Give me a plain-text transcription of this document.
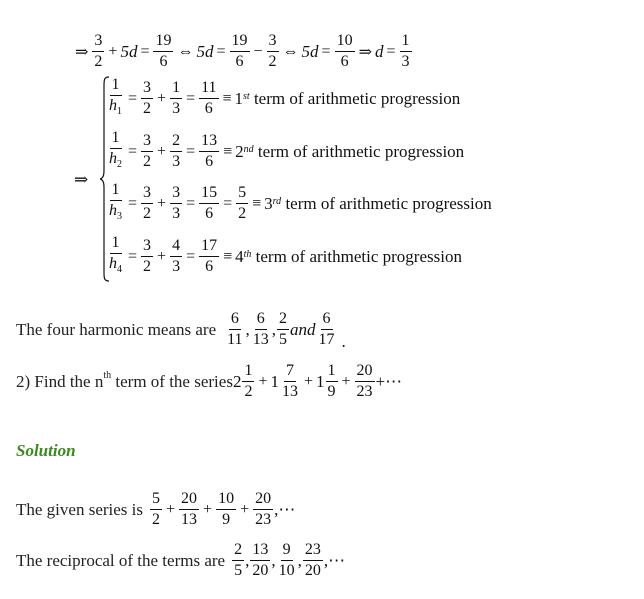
⇒ $\frac{3}{2} + 5d = \frac{19}{6}$ ⇔ $5d = \frac{19}{6} - \frac{3}{2}$ ⇔ $5d = \frac{10}{6}$ ⇒ $d = \frac{1}{3}$
⇒
$\frac{1}{h_1} = \frac{3}{2} + \frac{1}{3} = \frac{11}{6} \equiv 1st$
term of arithmetic progression
$\frac{1}{h_2} = \frac{3}{2} + \frac{2}{3} = \frac{13}{6} \equiv 2nd$
term of arithmetic progression
$\frac{1}{h_3} = \frac{3}{2} + \frac{3}{3} = \frac{15}{6} = \frac{5}{2} \equiv 3rd$
term of arithmetic progression
$\frac{1}{h_4} = \frac{3}{2} + \frac{4}{3} = \frac{17}{6} \equiv 4th$
term of arithmetic progression
The four harmonic means are $\frac{6}{11}$ , $\frac{6}{13}$ , $\frac{2}{5}$ and $\frac{6}{17}$ .
2) Find the $n^{th}$ term of the series $2 \frac{1}{2} + 1 \frac{7}{13} + 1 \frac{1}{9} + \frac{20}{23}$ +⋯
Solution
The given series is $\frac{5}{2} + \frac{20}{13} + \frac{10}{9} + \frac{20}{23}$ ,⋯
The reciprocal of the terms are $\frac{2}{5}$ , $\frac{13}{20}$ , $\frac{9}{10}$ , $\frac{23}{20}$ ,⋯
